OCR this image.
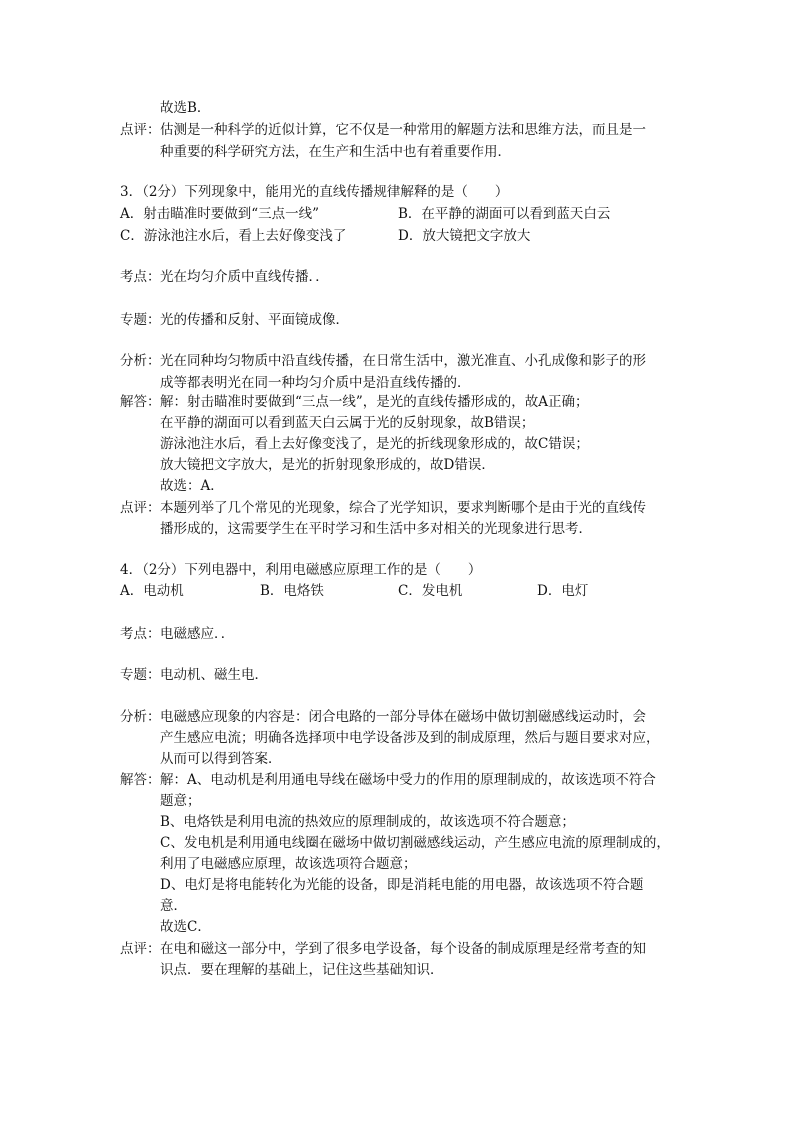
故选B．
点评： 估测是一种科学的近似计算，它不仅是一种常用的解题方法和思维方法，而且是一
种重要的科学研究方法，在生产和生活中也有着重要作用．
3．（2分）下列现象中，能用光的直线传播规律解释的是（　　）
A．射击瞄准时要做到“三点一线”	B．在平静的湖面可以看到蓝天白云
C．游泳池注水后，看上去好像变浅了	D．放大镜把文字放大
考点： 光在均匀介质中直线传播．．
专题： 光的传播和反射、平面镜成像．
分析： 光在同种均匀物质中沿直线传播，在日常生活中，激光准直、小孔成像和影子的形
成等都表明光在同一种均匀介质中是沿直线传播的．
解答： 解：射击瞄准时要做到“三点一线”，是光的直线传播形成的，故A正确；
在平静的湖面可以看到蓝天白云属于光的反射现象，故B错误；
游泳池注水后，看上去好像变浅了，是光的折线现象形成的，故C错误；
放大镜把文字放大，是光的折射现象形成的，故D错误．
故选：A．
点评： 本题列举了几个常见的光现象，综合了光学知识，要求判断哪个是由于光的直线传
播形成的，这需要学生在平时学习和生活中多对相关的光现象进行思考．
4．（2分）下列电器中，利用电磁感应原理工作的是（　　）
A．电动机	B．电烙铁	C．发电机	D．电灯
考点： 电磁感应．．
专题： 电动机、磁生电．
分析： 电磁感应现象的内容是：闭合电路的一部分导体在磁场中做切割磁感线运动时，会
产生感应电流；明确各选择项中电学设备涉及到的制成原理，然后与题目要求对应，
从而可以得到答案．
解答： 解：A、电动机是利用通电导线在磁场中受力的作用的原理制成的，故该选项不符合
题意；
B、电烙铁是利用电流的热效应的原理制成的，故该选项不符合题意；
C、发电机是利用通电线圈在磁场中做切割磁感线运动，产生感应电流的原理制成的，
利用了电磁感应原理，故该选项符合题意；
D、电灯是将电能转化为光能的设备，即是消耗电能的用电器，故该选项不符合题
意．
故选C．
点评： 在电和磁这一部分中，学到了很多电学设备，每个设备的制成原理是经常考查的知
识点．要在理解的基础上，记住这些基础知识．
